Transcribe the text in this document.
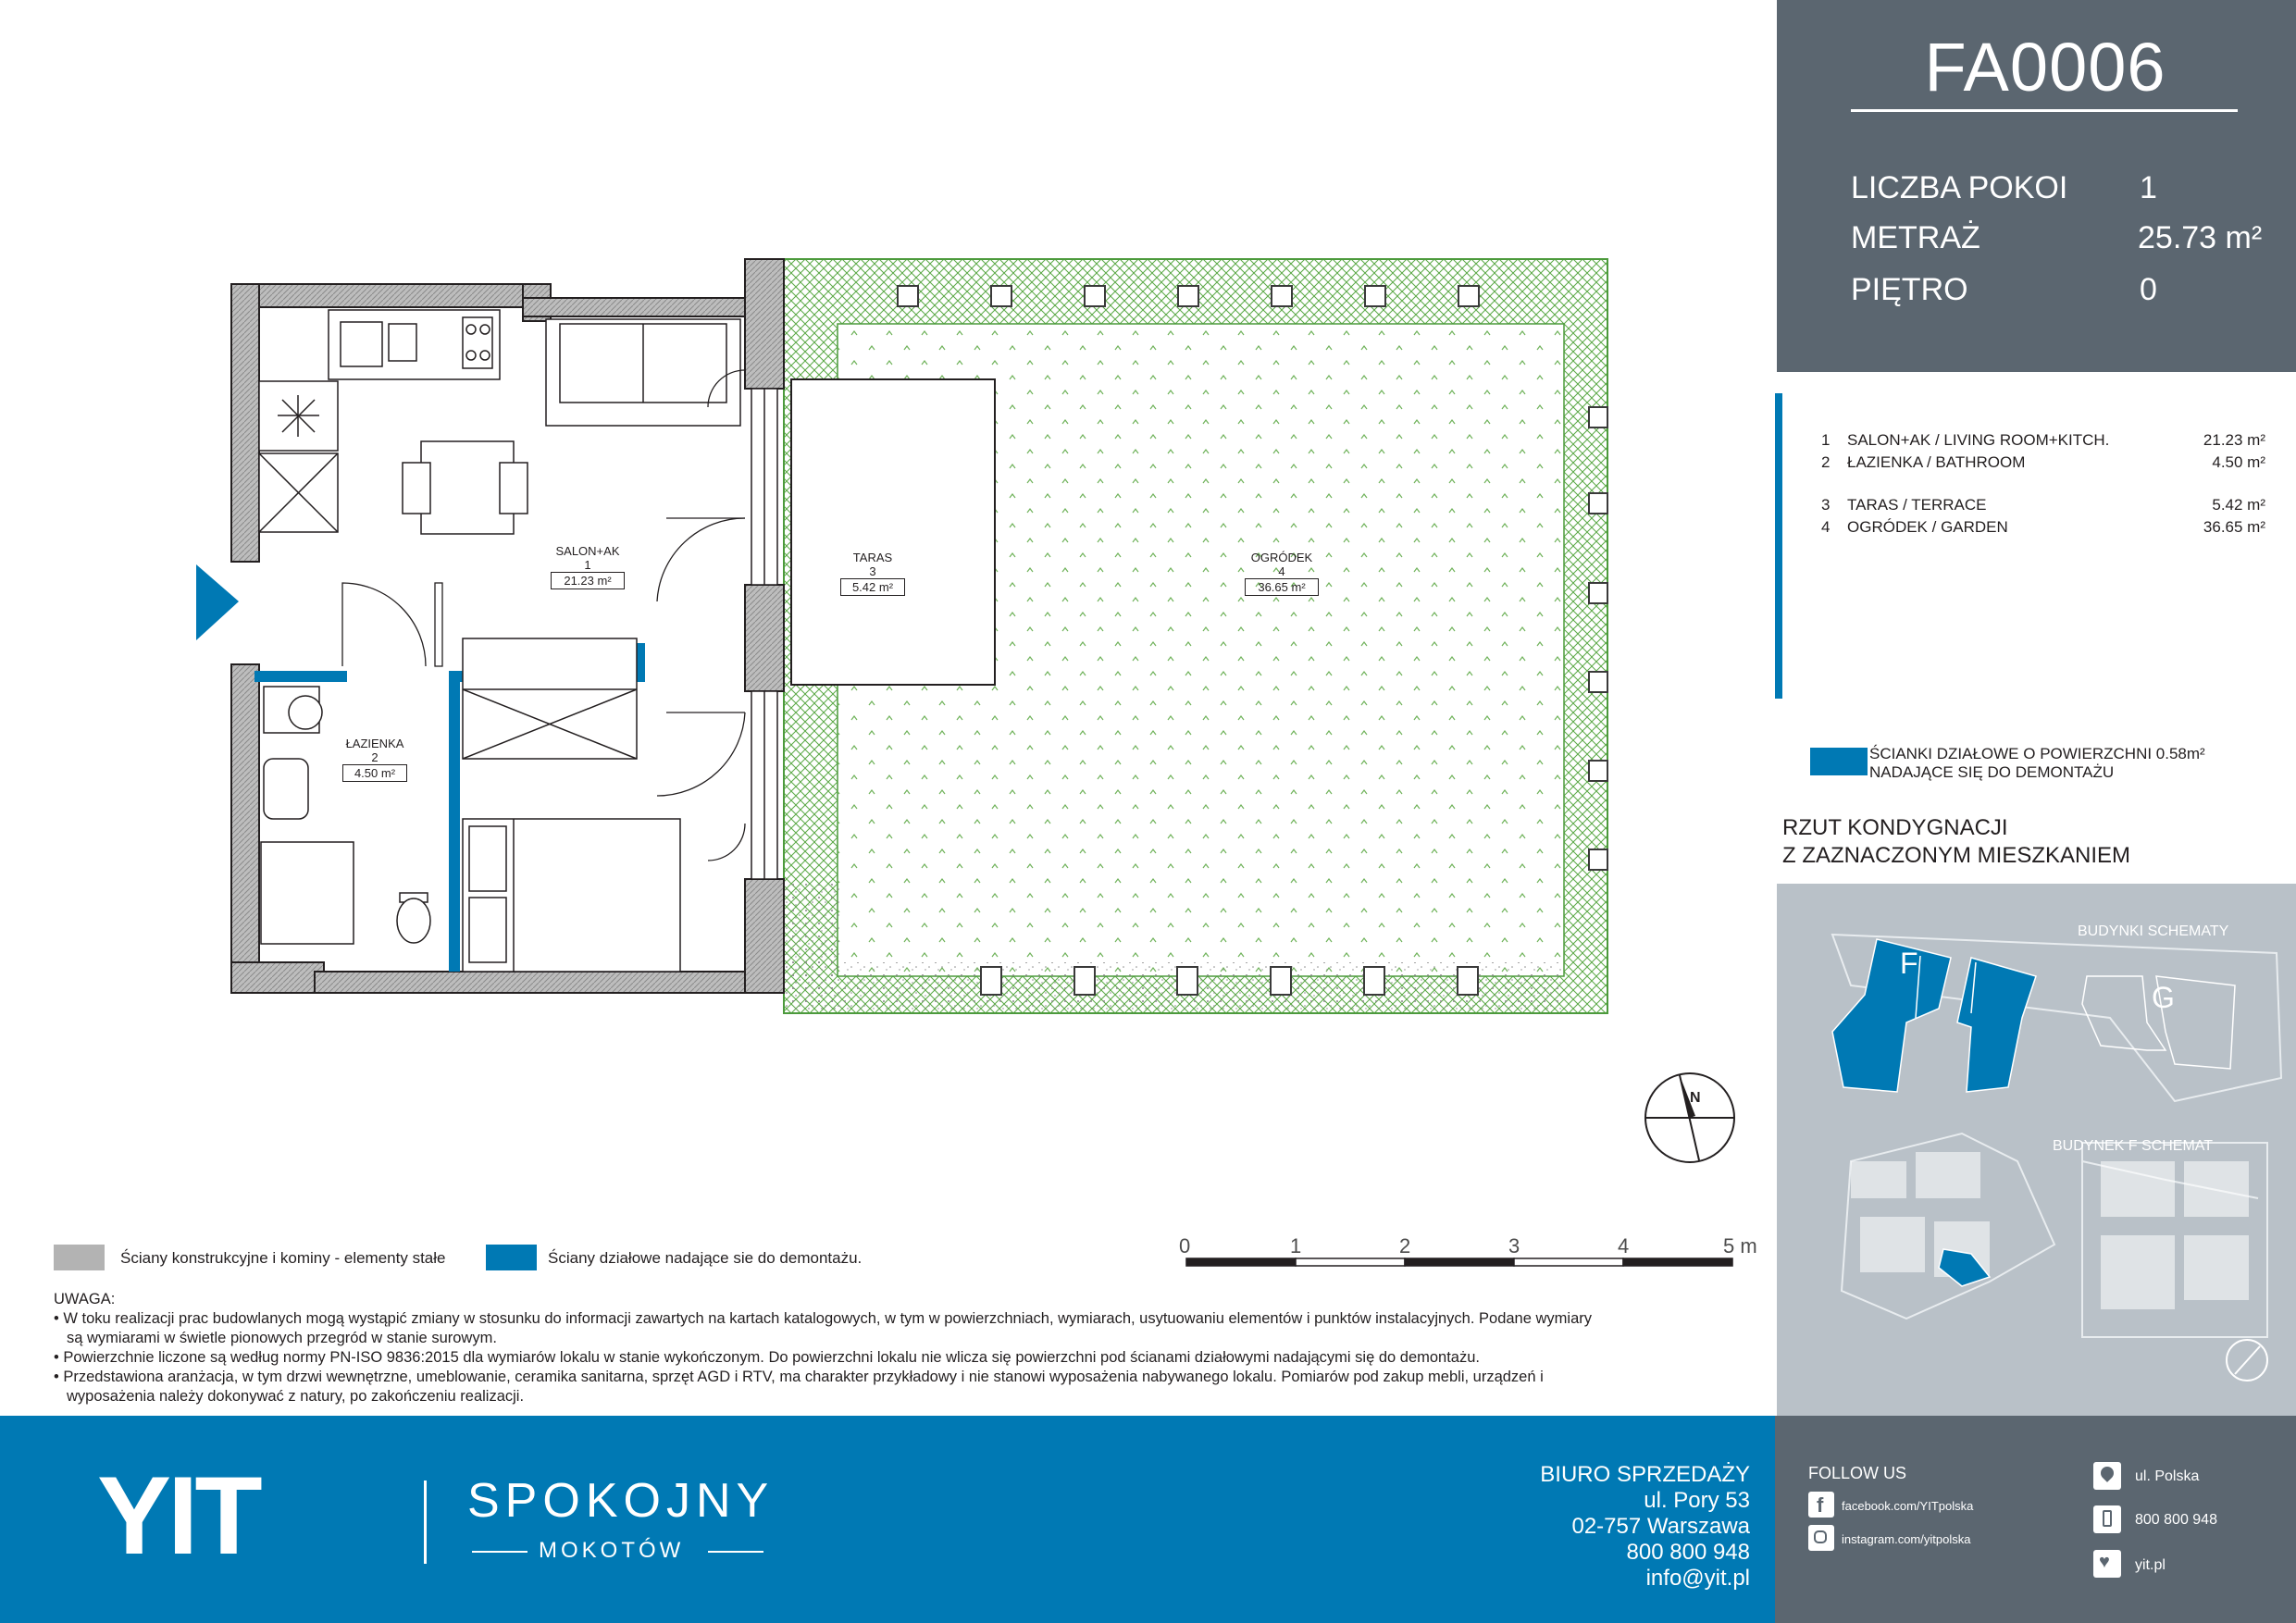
SALON+AK
1
21.23 m²
ŁAZIENKA
2
4.50 m²
TARAS
3
5.42 m²
OGRÓDEK
4
36.65 m²
N
0	1	2	3	4	5 m
Ściany konstrukcyjne i kominy - elementy stałe	Ściany działowe nadające sie do demontażu.
UWAGA:
• W toku realizacji prac budowlanych mogą wystąpić zmiany w stosunku do informacji zawartych na kartach katalogowych, w tym w powierzchniach, wymiarach, usytuowaniu elementów i punktów instalacyjnych. Podane wymiary
są wymiarami w świetle pionowych przegród w stanie surowym.
• Powierzchnie liczone są według normy PN-ISO 9836:2015 dla wymiarów lokalu w stanie wykończonym. Do powierzchni lokalu nie wlicza się powierzchni pod ścianami działowymi nadającymi się do demontażu.
• Przedstawiona aranżacja, w tym drzwi wewnętrzne, umeblowanie, ceramika sanitarna, sprzęt AGD i RTV, ma charakter przykładowy i nie stanowi wyposażenia nabywanego lokalu. Pomiarów pod zakup mebli, urządzeń i
wyposażenia należy dokonywać z natury, po zakończeniu realizacji.
FA0006
LICZBA POKOI 1
METRAŻ	25.73 m²
PIĘTRO	0
1 SALON+AK / LIVING ROOM+KITCH.	21.23 m²
2 ŁAZIENKA / BATHROOM	4.50 m²
3 TARAS / TERRACE	5.42 m²
4 OGRÓDEK / GARDEN	36.65 m²
ŚCIANKI DZIAŁOWE O POWIERZCHNI 0.58m² NADAJĄCE SIĘ DO DEMONTAŻU
RZUT KONDYGNACJI
Z ZAZNACZONYM MIESZKANIEM
BUDYNKI SCHEMATY
BUDYNEK F SCHEMAT
F
G
YIT	SPOKOJNY
MOKOTÓW
BIURO SPRZEDAŻY
ul. Pory 53
02-757 Warszawa
800 800 948
info@yit.pl
FOLLOW US
f facebook.com/YITpolska
instagram.com/yitpolska
ul. Polska
800 800 948
♥ yit.pl
